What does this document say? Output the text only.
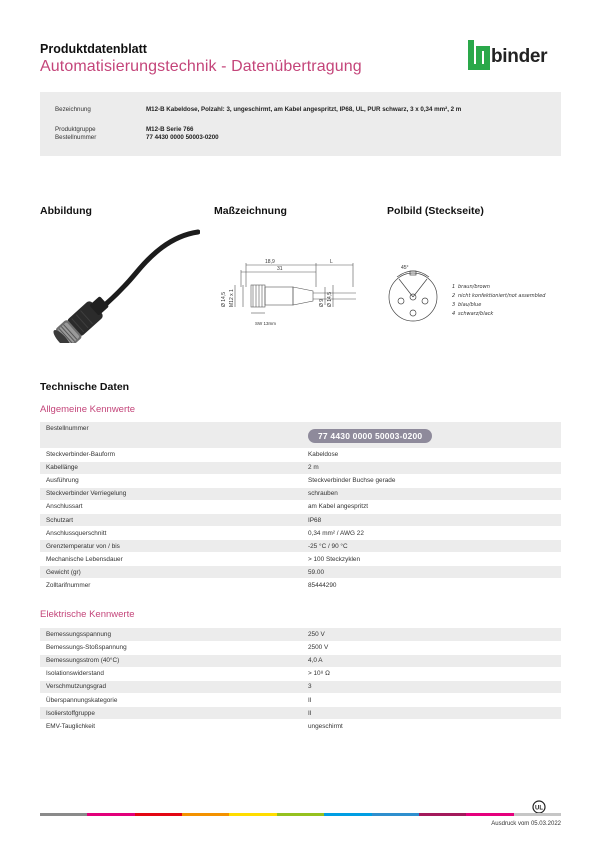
Produktdatenblatt
Automatisierungstechnik - Datenübertragung	binder
Bezeichnung	M12-B Kabeldose, Polzahl: 3, ungeschirmt, am Kabel angespritzt, IP68, UL, PUR schwarz, 3 x 0,34 mm², 2 m
Produktgruppe	M12-B Serie 766
Bestellnummer	77 4430 0000 50003-0200
Abbildung	Maßzeichnung	Polbild (Steckseite)
18,9
31
L
Ø 14,5 M12 x 1
SW 13mm
Ø 9 Ø 14,5
45°
1 braun/brown
2 nicht konfektioniert/not assembled
3 blau/blue
4 schwarz/black
Technische Daten
Allgemeine Kennwerte
Bestellnummer	77 4430 0000 50003-0200
Steckverbinder-Bauform	Kabeldose
Kabellänge	2 m
Ausführung	Steckverbinder Buchse gerade
Steckverbinder Verriegelung	schrauben
Anschlussart	am Kabel angespritzt
Schutzart	IP68
Anschlussquerschnitt	0,34 mm² / AWG 22
Grenztemperatur von / bis	-25 °C / 90 °C
Mechanische Lebensdauer	> 100 Steckzyklen
Gewicht (gr)	59.00
Zolltarifnummer	85444290
Elektrische Kennwerte
Bemessungsspannung	250 V
Bemessungs-Stoßspannung	2500 V
Bemessungsstrom (40°C)	4,0 A
Isolationswiderstand	> 10⁸ Ω
Verschmutzungsgrad	3
Überspannungskategorie	II
Isolierstoffgruppe	II
EMV-Tauglichkeit	ungeschirmt
UL
Ausdruck vom 05.03.2022
